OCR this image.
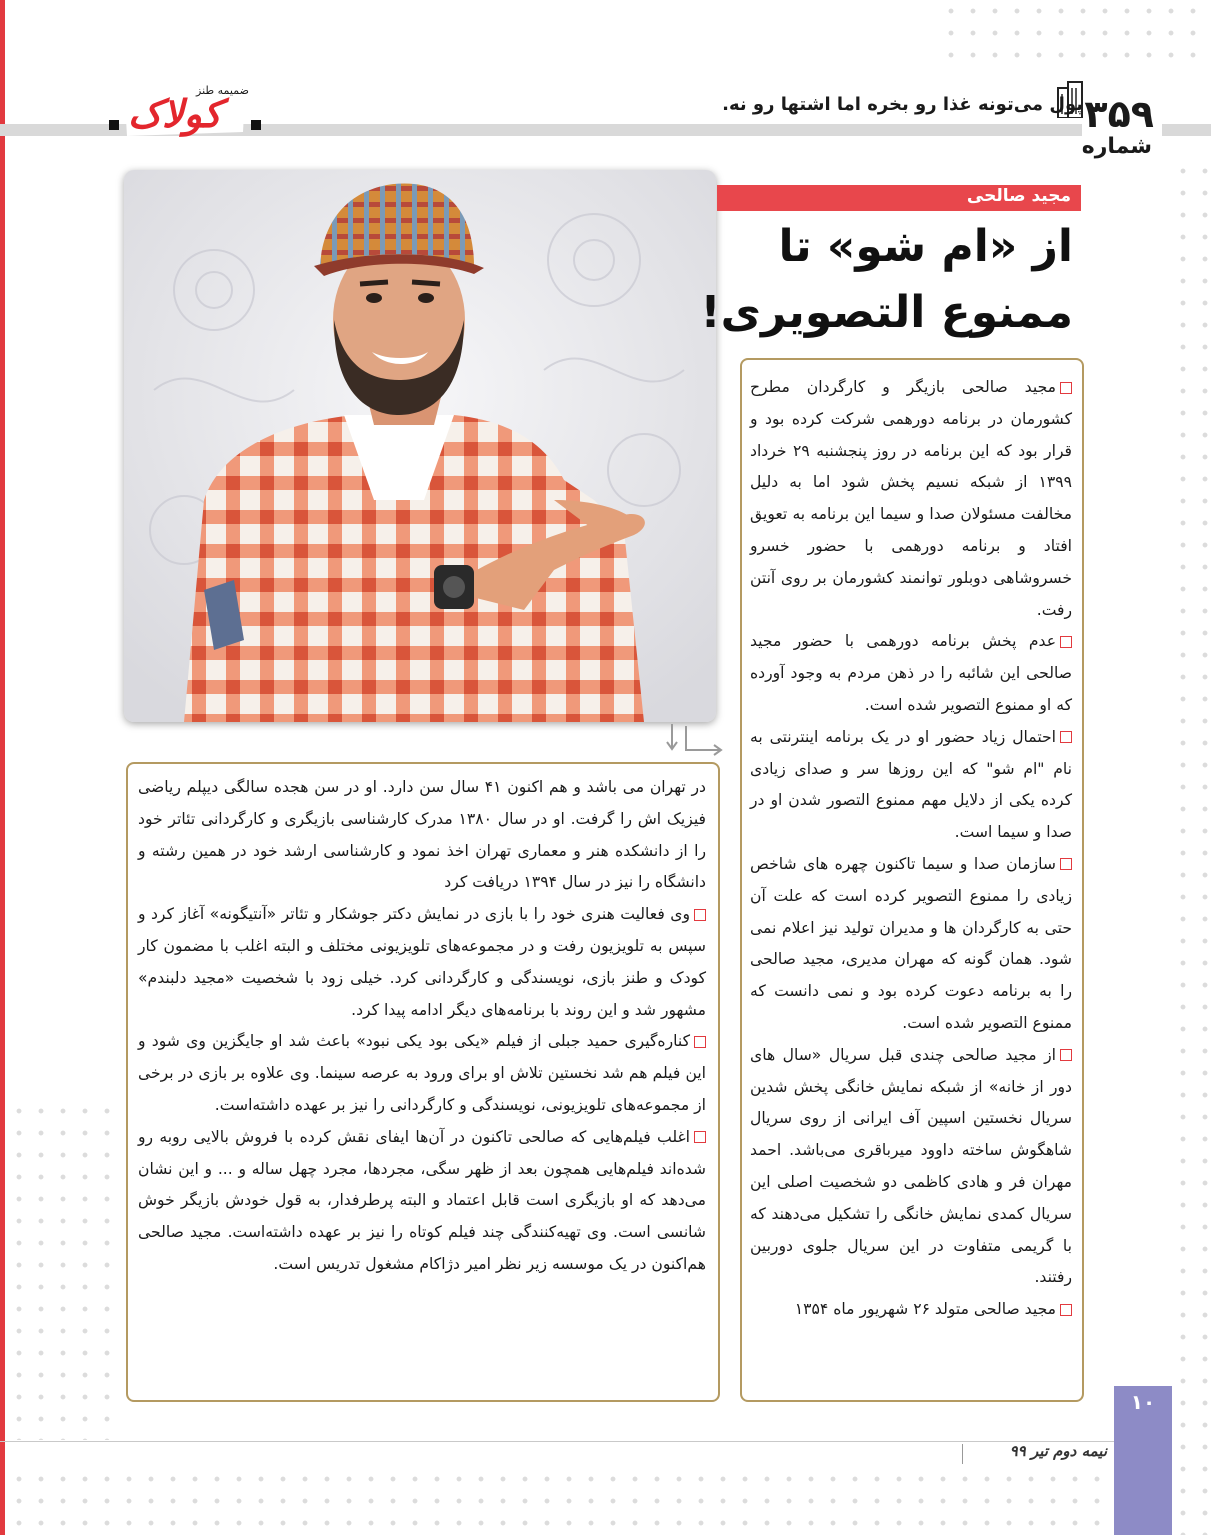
۳۵۹
شماره
پول می‌تونه غذا رو بخره اما اشتها رو نه.
ضمیمه طنز
کولاک
مجید صالحی
از «ام شو» تا
ممنوع التصویری!

مجید صالحی بازیگر و کارگردان مطرح کشورمان در برنامه دورهمی شرکت کرده بود و قرار بود که این برنامه در روز پنجشنبه ۲۹ خرداد ۱۳۹۹ از شبکه نسیم پخش شود اما به دلیل مخالفت مسئولان صدا و سیما این برنامه به تعویق افتاد و برنامه دورهمی با حضور خسرو خسروشاهی دوبلور توانمند کشورمان بر روی آنتن رفت.

عدم پخش برنامه دورهمی با حضور مجید صالحی این شائبه را در ذهن مردم به وجود آورده که او ممنوع التصویر شده است.

احتمال زیاد حضور او در یک برنامه اینترنتی به نام "ام شو" که این روزها سر و صدای زیادی کرده یکی از دلایل مهم ممنوع التصور شدن او در صدا و سیما است.

سازمان صدا و سیما تاکنون چهره های شاخص زیادی را ممنوع التصویر کرده است که علت آن حتی به کارگردان ها و مدیران تولید نیز اعلام نمی شود. همان گونه که مهران مدیری، مجید صالحی را به برنامه دعوت کرده بود و نمی دانست که ممنوع التصویر شده است.

از مجید صالحی چندی قبل سریال «سال های دور از خانه» از شبکه نمایش خانگی پخش شدین سریال نخستین اسپین آف ایرانی از روی سریال شاهگوش ساخته داوود میرباقری می‌باشد. احمد مهران فر و هادی کاظمی دو شخصیت اصلی این سریال کمدی نمایش خانگی را تشکیل می‌دهند که با گریمی متفاوت در این سریال جلوی دوربین رفتند.

مجید صالحی متولد ۲۶ شهریور ماه ۱۳۵۴

در تهران می باشد و هم اکنون ۴۱ سال سن دارد. او در سن هجده سالگی دیپلم ریاضی فیزیک اش را گرفت. او در سال ۱۳۸۰ مدرک کارشناسی بازیگری و کارگردانی تئاتر خود را از دانشکده هنر و معماری تهران اخذ نمود و کارشناسی ارشد خود در همین رشته و دانشگاه را نیز در سال ۱۳۹۴ دریافت کرد

وی فعالیت هنری خود را با بازی در نمایش دکتر جوشکار و تئاتر «آنتیگونه» آغاز کرد و سپس به تلویزیون رفت و در مجموعه‌های تلویزیونی مختلف و البته اغلب با مضمون کار کودک و طنز بازی، نویسندگی و کارگردانی کرد. خیلی زود با شخصیت «مجید دلبندم» مشهور شد و این روند با برنامه‌های دیگر ادامه پیدا کرد.

کناره‌گیری حمید جبلی از فیلم «یکی بود یکی نبود» باعث شد او جایگزین وی شود و این فیلم هم شد نخستین تلاش او برای ورود به عرصه سینما. وی علاوه بر بازی در برخی از مجموعه‌های تلویزیونی، نویسندگی و کارگردانی را نیز بر عهده داشته‌است.

اغلب فیلم‌هایی که صالحی تاکنون در آن‌ها ایفای نقش کرده با فروش بالایی روبه رو شده‌اند فیلم‌هایی همچون بعد از ظهر سگی، مجردها، مجرد چهل ساله و ... و این نشان می‌دهد که او بازیگری است قابل اعتماد و البته پرطرفدار، به قول خودش بازیگر خوش شانسی است. وی تهیه‌کنندگی چند فیلم کوتاه را نیز بر عهده داشته‌است. مجید صالحی هم‌اکنون در یک موسسه زیر نظر امیر دژاکام مشغول تدریس است.

نیمه دوم تیر ۹۹
۱۰
